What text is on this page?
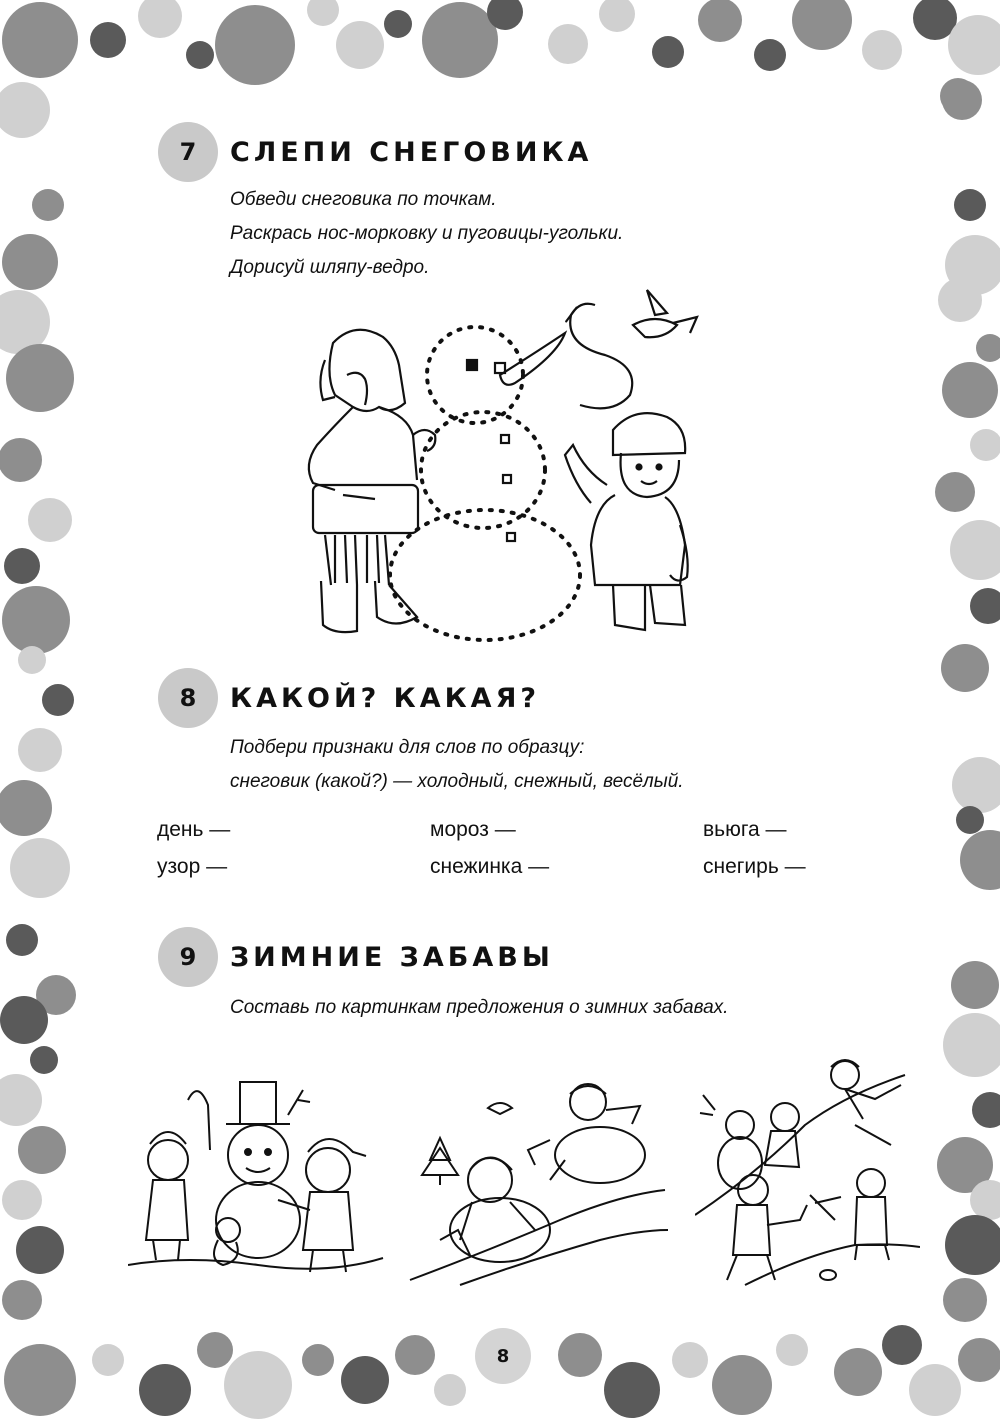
7	СЛЕПИ СНЕГОВИКА
Обведи снеговика по точкам.
Раскрась нос-морковку и пуговицы-угольки.
Дорисуй шляпу-ведро.
8	КАКОЙ? КАКАЯ?
Подбери признаки для слов по образцу:
снеговик (какой?) — холодный, снежный, весёлый.
день —	мороз —	вьюга —
узор —	снежинка —	снегирь —
9	ЗИМНИЕ ЗАБАВЫ
Составь по картинкам предложения о зимних забавах.
8
